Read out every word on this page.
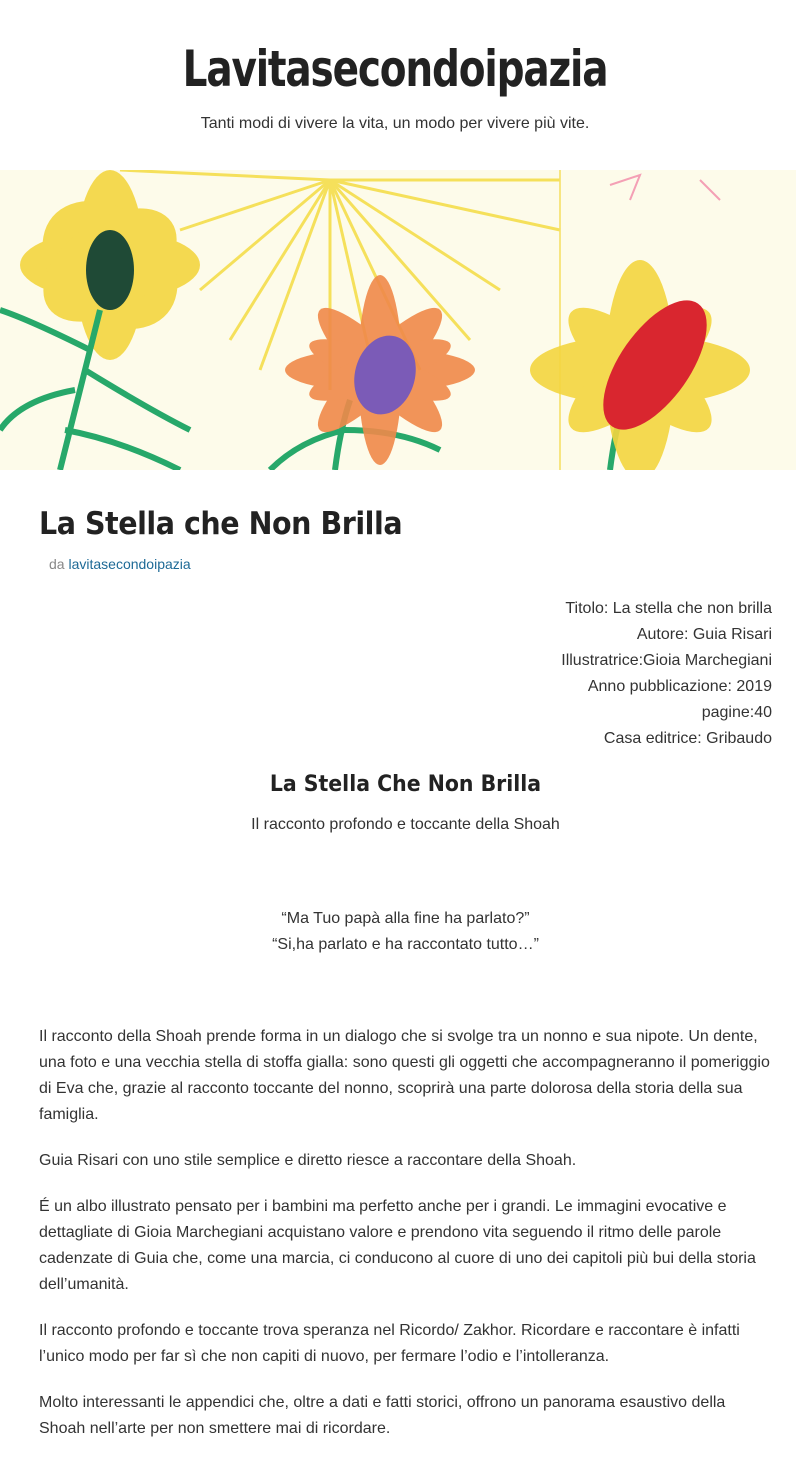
Lavitasecondoipazia
Tanti modi di vivere la vita, un modo per vivere più vite.
La Stella che Non Brilla
da lavitasecondoipazia
Titolo: La stella che non brilla
Autore: Guia Risari
Illustratrice:Gioia Marchegiani
Anno pubblicazione: 2019
pagine:40
Casa editrice: Gribaudo
La Stella Che Non Brilla
Il racconto profondo e toccante della Shoah
“Ma Tuo papà alla fine ha parlato?”
“Si,ha parlato e ha raccontato tutto…”

Il racconto della Shoah prende forma in un dialogo che si svolge tra un nonno e sua nipote. Un dente, una foto e una vecchia stella di stoffa gialla: sono questi gli oggetti che accompagneranno il pomeriggio di Eva che, grazie al racconto toccante del nonno, scoprirà una parte dolorosa della storia della sua famiglia.

Guia Risari con uno stile semplice e diretto riesce a raccontare della Shoah.

É un albo illustrato pensato per i bambini ma perfetto anche per i grandi. Le immagini evocative e dettagliate di Gioia Marchegiani acquistano valore e prendono vita seguendo il ritmo delle parole cadenzate di Guia che, come una marcia, ci conducono al cuore di uno dei capitoli più bui della storia dell’umanità.

Il racconto profondo e toccante trova speranza nel Ricordo/ Zakhor. Ricordare e raccontare è infatti l’unico modo per far sì che non capiti di nuovo, per fermare l’odio e l’intolleranza.

Molto interessanti le appendici che, oltre a dati e fatti storici, offrono un panorama esaustivo della Shoah nell’arte per non smettere mai di ricordare.
